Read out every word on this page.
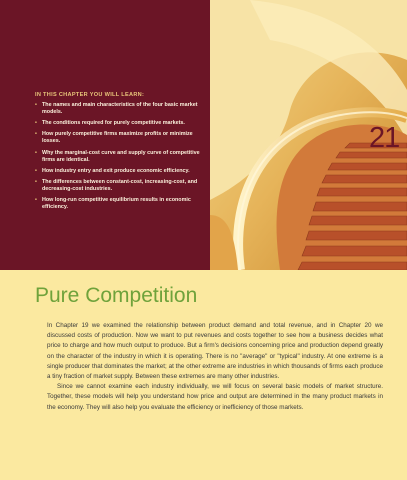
IN THIS CHAPTER YOU WILL LEARN:
• The names and main characteristics of the four basic market models.
• The conditions required for purely competitive markets.
• How purely competitive firms maximize profits or minimize losses.
• Why the marginal-cost curve and supply curve of competitive firms are identical.
• How industry entry and exit produce economic efficiency.
• The differences between constant-cost, increasing-cost, and decreasing-cost industries.
• How long-run competitive equilibrium results in economic efficiency.
21
Pure Competition

In Chapter 19 we examined the relationship between product demand and total revenue, and in Chapter 20 we discussed costs of production. Now we want to put revenues and costs together to see how a business decides what price to charge and how much output to produce. But a firm's decisions concerning price and production depend greatly on the character of the industry in which it is operating. There is no "average" or "typical" industry. At one extreme is a single producer that dominates the market; at the other extreme are industries in which thousands of firms each produce a tiny fraction of market supply. Between these extremes are many other industries.

Since we cannot examine each industry individually, we will focus on several basic models of market structure. Together, these models will help you understand how price and output are determined in the many product markets in the economy. They will also help you evaluate the efficiency or inefficiency of those markets.
